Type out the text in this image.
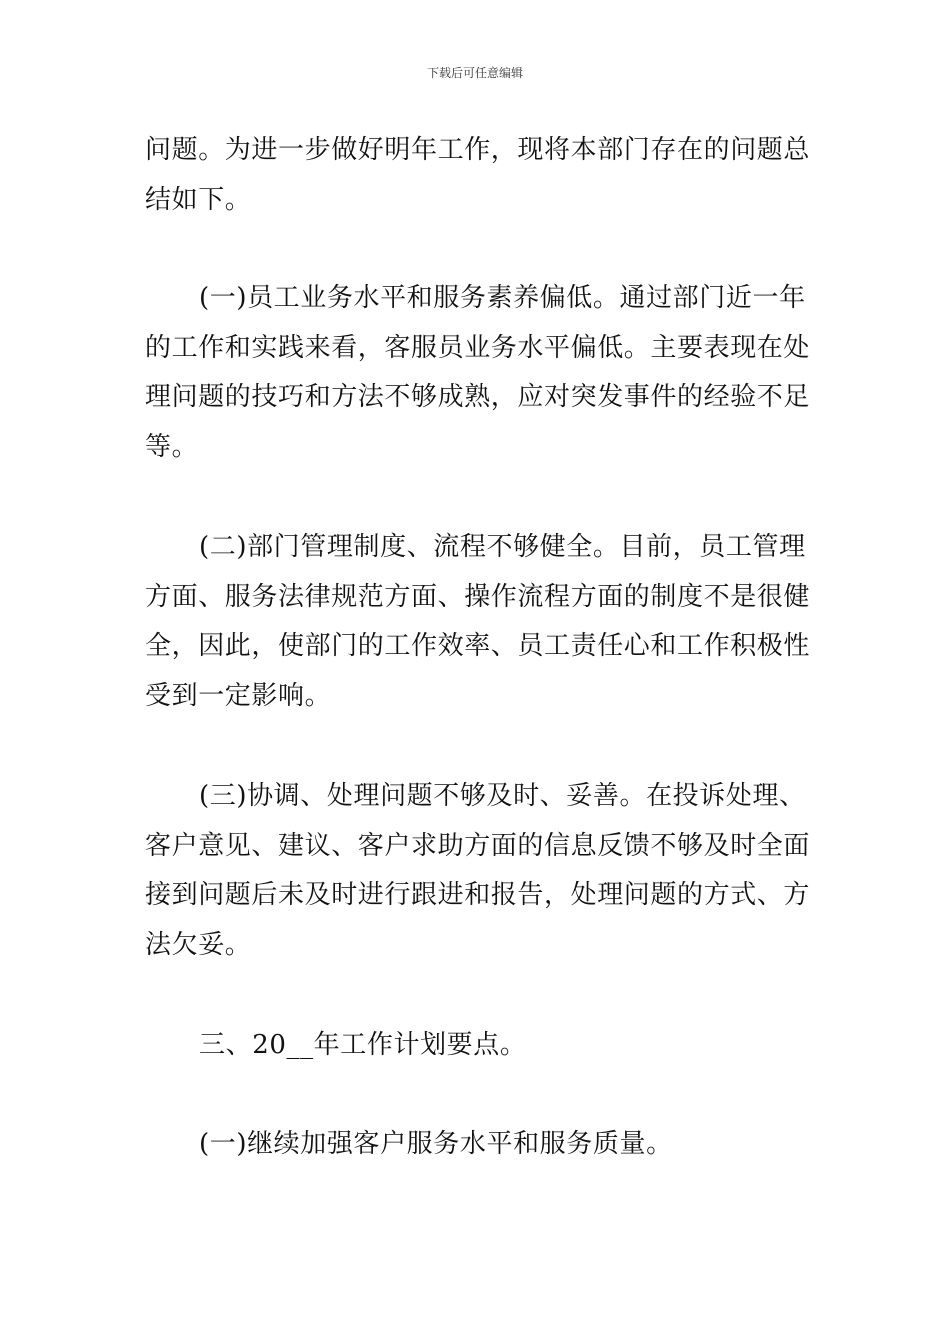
下载后可任意编辑
问题。为进一步做好明年工作，现将本部门存在的问题总
结如下。
(一)员工业务水平和服务素养偏低。通过部门近一年
的工作和实践来看，客服员业务水平偏低。主要表现在处
理问题的技巧和方法不够成熟，应对突发事件的经验不足
等。
(二)部门管理制度、流程不够健全。目前，员工管理
方面、服务法律规范方面、操作流程方面的制度不是很健
全，因此，使部门的工作效率、员工责任心和工作积极性
受到一定影响。
(三)协调、处理问题不够及时、妥善。在投诉处理、
客户意见、建议、客户求助方面的信息反馈不够及时全面
接到问题后未及时进行跟进和报告，处理问题的方式、方
法欠妥。
三、20__年工作计划要点。
(一)继续加强客户服务水平和服务质量。
